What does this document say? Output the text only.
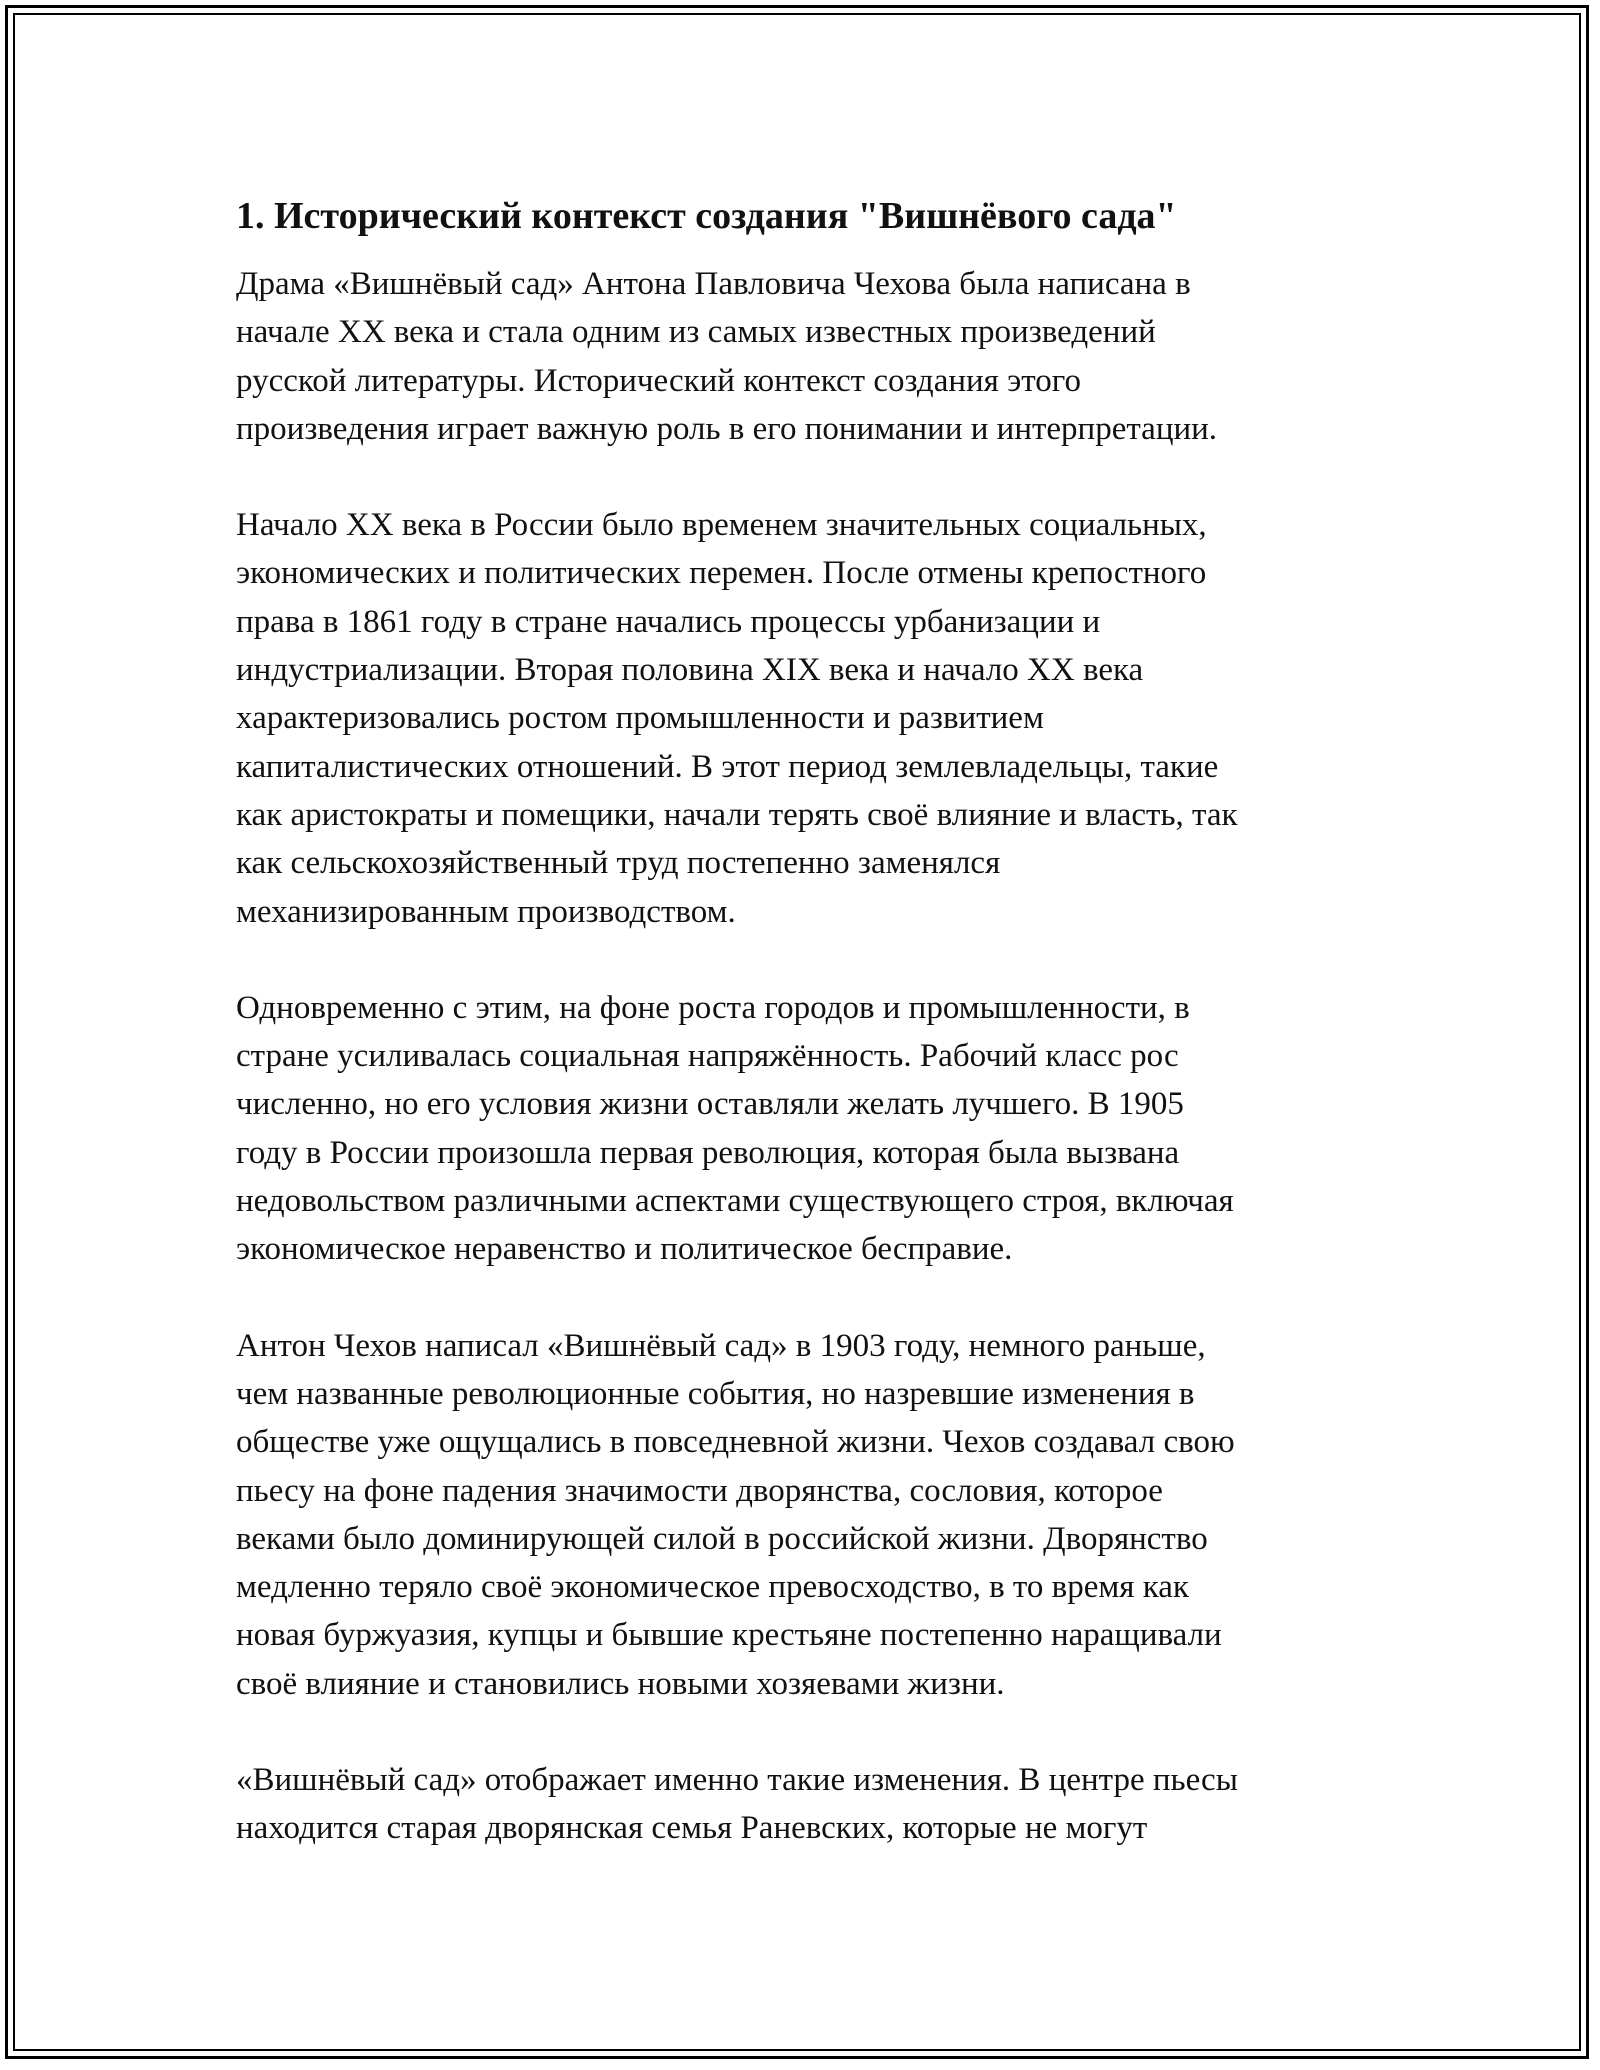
1. Исторический контекст создания "Вишнёвого сада"

Драма «Вишнёвый сад» Антона Павловича Чехова была написана в
начале XX века и стала одним из самых известных произведений
русской литературы. Исторический контекст создания этого
произведения играет важную роль в его понимании и интерпретации.

Начало XX века в России было временем значительных социальных,
экономических и политических перемен. После отмены крепостного
права в 1861 году в стране начались процессы урбанизации и
индустриализации. Вторая половина XIX века и начало XX века
характеризовались ростом промышленности и развитием
капиталистических отношений. В этот период землевладельцы, такие
как аристократы и помещики, начали терять своё влияние и власть, так
как сельскохозяйственный труд постепенно заменялся
механизированным производством.

Одновременно с этим, на фоне роста городов и промышленности, в
стране усиливалась социальная напряжённость. Рабочий класс рос
численно, но его условия жизни оставляли желать лучшего. В 1905
году в России произошла первая революция, которая была вызвана
недовольством различными аспектами существующего строя, включая
экономическое неравенство и политическое бесправие.

Антон Чехов написал «Вишнёвый сад» в 1903 году, немного раньше,
чем названные революционные события, но назревшие изменения в
обществе уже ощущались в повседневной жизни. Чехов создавал свою
пьесу на фоне падения значимости дворянства, сословия, которое
веками было доминирующей силой в российской жизни. Дворянство
медленно теряло своё экономическое превосходство, в то время как
новая буржуазия, купцы и бывшие крестьяне постепенно наращивали
своё влияние и становились новыми хозяевами жизни.

«Вишнёвый сад» отображает именно такие изменения. В центре пьесы
находится старая дворянская семья Раневских, которые не могут
